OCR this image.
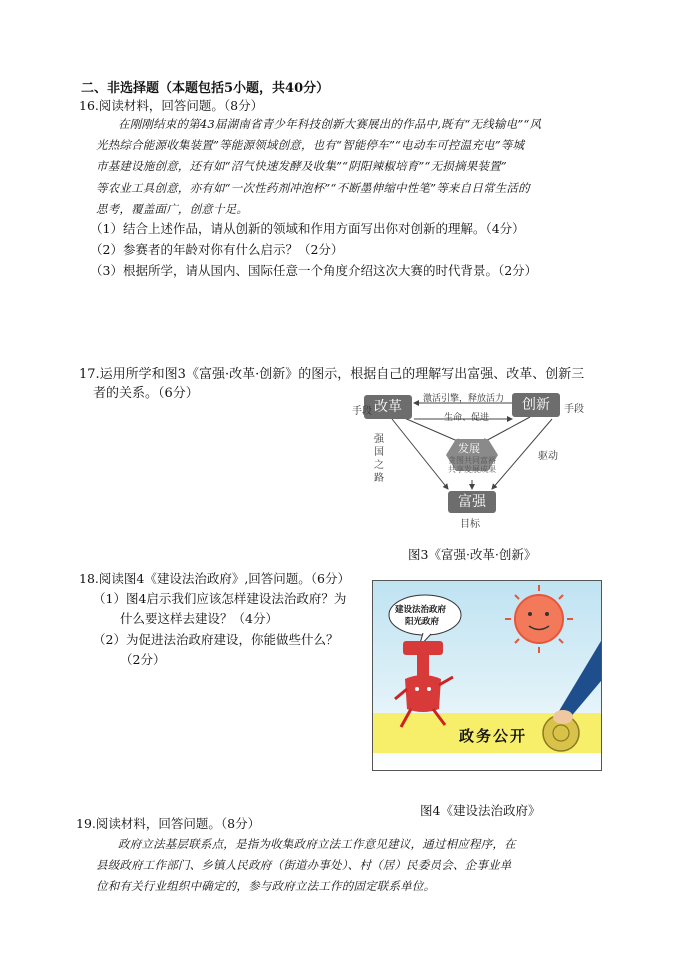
二、非选择题（本题包括5小题，共40分）
16.阅读材料，回答问题。（8分）
在刚刚结束的第43届湖南省青少年科技创新大赛展出的作品中,既有“无线输电”“风
光热综合能源收集装置”等能源领域创意，也有“智能停车”“电动车可控温充电”等城
市基建设施创意，还有如“沼气快速发酵及收集”“阴阳辣椒培育”“无损摘果装置”
等农业工具创意，亦有如“一次性药剂冲泡杯”“不断墨伸缩中性笔”等来自日常生活的
思考，覆盖面广，创意十足。
（1）结合上述作品，请从创新的领域和作用方面写出你对创新的理解。（4分）
（2）参赛者的年龄对你有什么启示？（2分）
（3）根据所学，请从国内、国际任意一个角度介绍这次大赛的时代背景。（2分）
17.运用所学和图3《富强·改革·创新》的图示，根据自己的理解写出富强、改革、创新三
者的关系。（6分）
改革	创新
手段	手段
激活引擎，释放活力
生命、促进
发展
贪图共同富裕
共享发展成果
强
国
之
路
驱动
富强
目标
图3《富强·改革·创新》
18.阅读图4《建设法治政府》,回答问题。（6分）
（1）图4启示我们应该怎样建设法治政府？为
什么要这样去建设？（4分）
（2）为促进法治政府建设，你能做些什么？
（2分）
建设法治政府
阳光政府
政务公开
图4《建设法治政府》
19.阅读材料，回答问题。（8分）
政府立法基层联系点，是指为收集政府立法工作意见建议，通过相应程序，在
县级政府工作部门、乡镇人民政府（街道办事处）、村（居）民委员会、企事业单
位和有关行业组织中确定的，参与政府立法工作的固定联系单位。
